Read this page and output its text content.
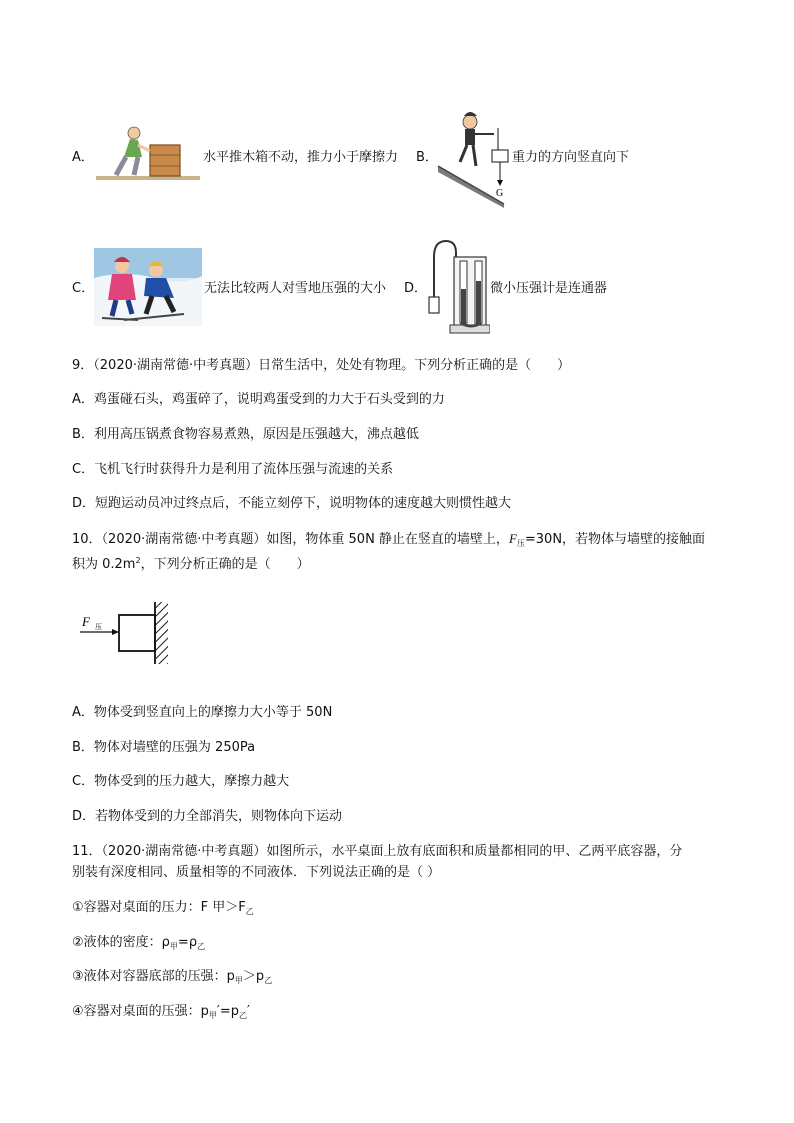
A．	水平推木箱不动，推力小于摩擦力 B．
G
重力的方向竖直向下
C．	无法比较两人对雪地压强的大小 D．	微小压强计是连通器
9．（2020·湖南常德·中考真题）日常生活中，处处有物理。下列分析正确的是（　　）
A．鸡蛋碰石头，鸡蛋碎了，说明鸡蛋受到的力大于石头受到的力
B．利用高压锅煮食物容易煮熟，原因是压强越大，沸点越低
C．飞机飞行时获得升力是利用了流体压强与流速的关系
D．短跑运动员冲过终点后，不能立刻停下，说明物体的速度越大则惯性越大
10．（2020·湖南常德·中考真题）如图，物体重 50N 静止在竖直的墙壁上，$F_压=30N$，若物体与墙壁的接触面
积为 $0.2m^2$，下列分析正确的是（　　）
F 压
A．物体受到竖直向上的摩擦力大小等于 50N
B．物体对墙壁的压强为 250Pa
C．物体受到的压力越大，摩擦力越大
D．若物体受到的力全部消失，则物体向下运动
11．（2020·湖南常德·中考真题）如图所示，水平桌面上放有底面积和质量都相同的甲、乙两平底容器，分
别装有深度相同、质量相等的不同液体．下列说法正确的是（ ）
①容器对桌面的压力：F 甲$>F_乙$
②液体的密度：$\rho_甲=\rho_乙$
③液体对容器底部的压强：$p_甲>p_乙$
④容器对桌面的压强：$p_甲'=p_乙'$
